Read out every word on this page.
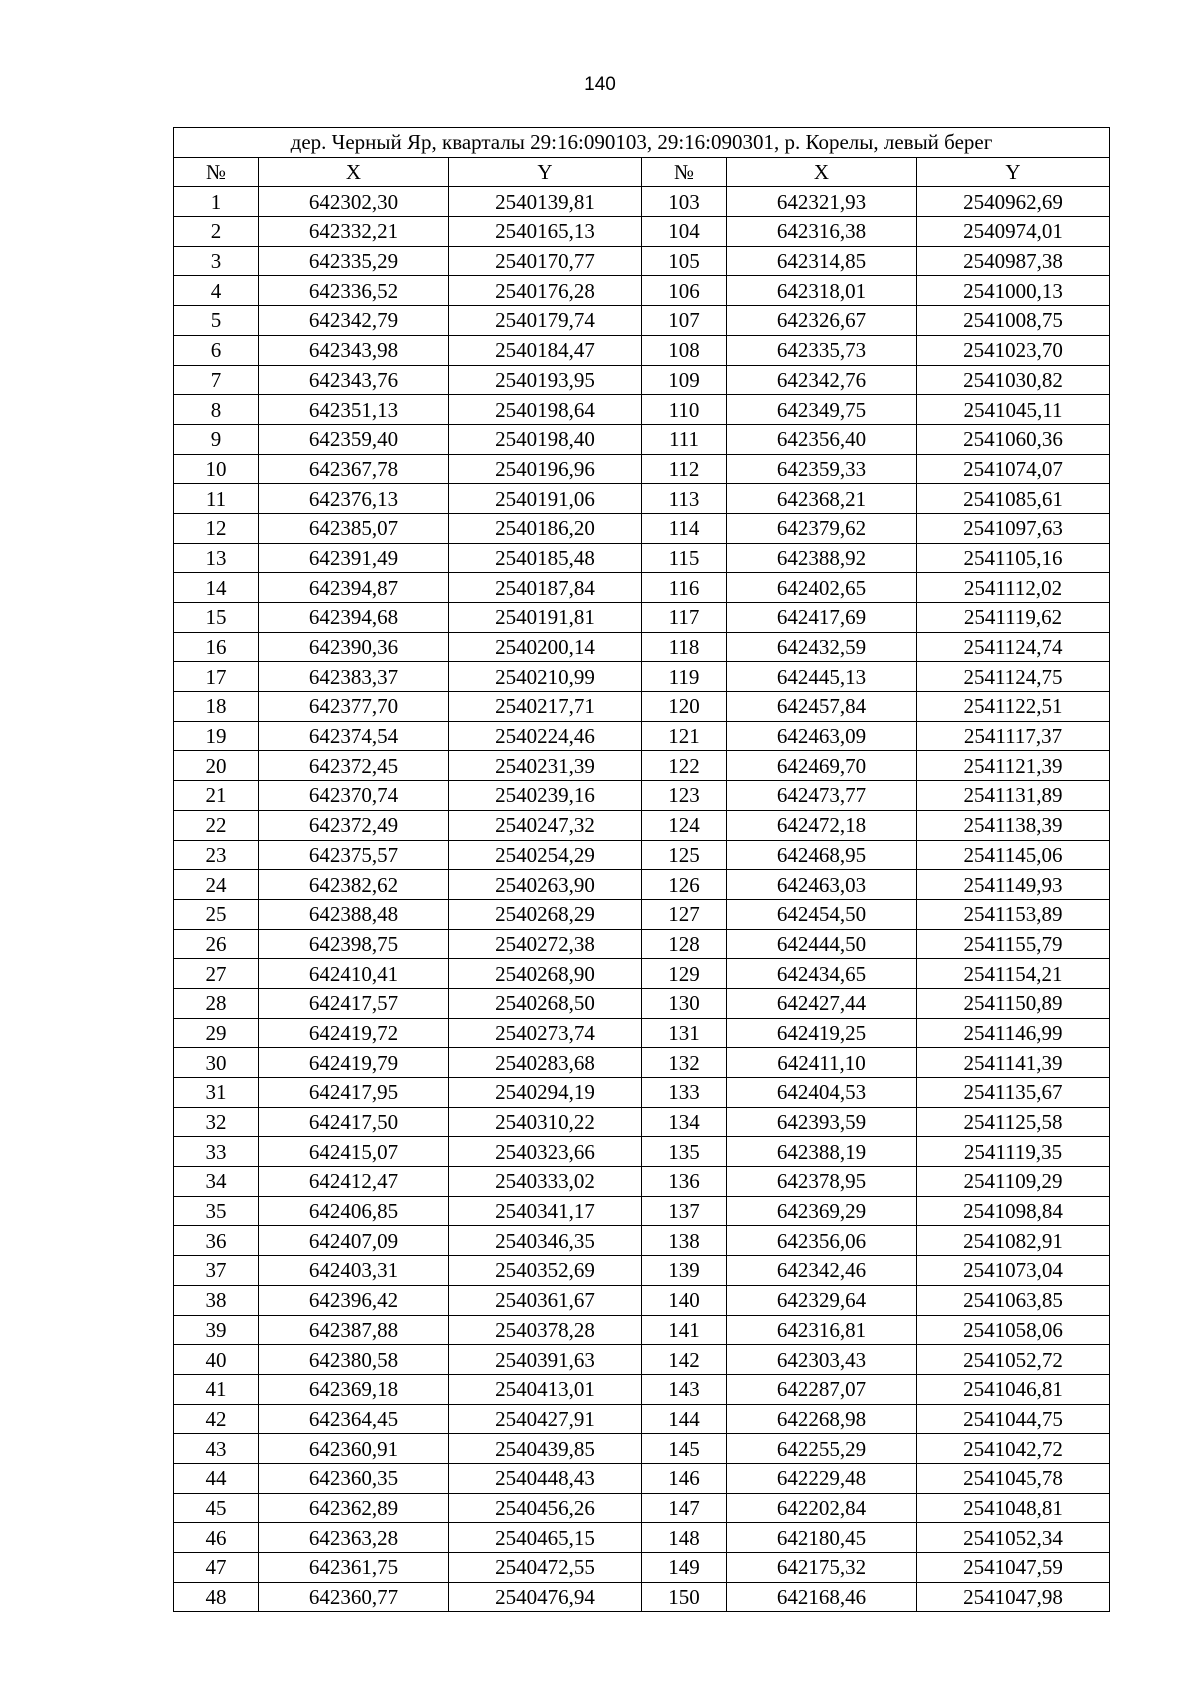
140
дер. Черный Яр, кварталы 29:16:090103, 29:16:090301, р. Корелы, левый берег					
№	X	Y	№	X	Y
1	642302,30	2540139,81	103	642321,93	2540962,69
2	642332,21	2540165,13	104	642316,38	2540974,01
3	642335,29	2540170,77	105	642314,85	2540987,38
4	642336,52	2540176,28	106	642318,01	2541000,13
5	642342,79	2540179,74	107	642326,67	2541008,75
6	642343,98	2540184,47	108	642335,73	2541023,70
7	642343,76	2540193,95	109	642342,76	2541030,82
8	642351,13	2540198,64	110	642349,75	2541045,11
9	642359,40	2540198,40	111	642356,40	2541060,36
10	642367,78	2540196,96	112	642359,33	2541074,07
11	642376,13	2540191,06	113	642368,21	2541085,61
12	642385,07	2540186,20	114	642379,62	2541097,63
13	642391,49	2540185,48	115	642388,92	2541105,16
14	642394,87	2540187,84	116	642402,65	2541112,02
15	642394,68	2540191,81	117	642417,69	2541119,62
16	642390,36	2540200,14	118	642432,59	2541124,74
17	642383,37	2540210,99	119	642445,13	2541124,75
18	642377,70	2540217,71	120	642457,84	2541122,51
19	642374,54	2540224,46	121	642463,09	2541117,37
20	642372,45	2540231,39	122	642469,70	2541121,39
21	642370,74	2540239,16	123	642473,77	2541131,89
22	642372,49	2540247,32	124	642472,18	2541138,39
23	642375,57	2540254,29	125	642468,95	2541145,06
24	642382,62	2540263,90	126	642463,03	2541149,93
25	642388,48	2540268,29	127	642454,50	2541153,89
26	642398,75	2540272,38	128	642444,50	2541155,79
27	642410,41	2540268,90	129	642434,65	2541154,21
28	642417,57	2540268,50	130	642427,44	2541150,89
29	642419,72	2540273,74	131	642419,25	2541146,99
30	642419,79	2540283,68	132	642411,10	2541141,39
31	642417,95	2540294,19	133	642404,53	2541135,67
32	642417,50	2540310,22	134	642393,59	2541125,58
33	642415,07	2540323,66	135	642388,19	2541119,35
34	642412,47	2540333,02	136	642378,95	2541109,29
35	642406,85	2540341,17	137	642369,29	2541098,84
36	642407,09	2540346,35	138	642356,06	2541082,91
37	642403,31	2540352,69	139	642342,46	2541073,04
38	642396,42	2540361,67	140	642329,64	2541063,85
39	642387,88	2540378,28	141	642316,81	2541058,06
40	642380,58	2540391,63	142	642303,43	2541052,72
41	642369,18	2540413,01	143	642287,07	2541046,81
42	642364,45	2540427,91	144	642268,98	2541044,75
43	642360,91	2540439,85	145	642255,29	2541042,72
44	642360,35	2540448,43	146	642229,48	2541045,78
45	642362,89	2540456,26	147	642202,84	2541048,81
46	642363,28	2540465,15	148	642180,45	2541052,34
47	642361,75	2540472,55	149	642175,32	2541047,59
48	642360,77	2540476,94	150	642168,46	2541047,98
